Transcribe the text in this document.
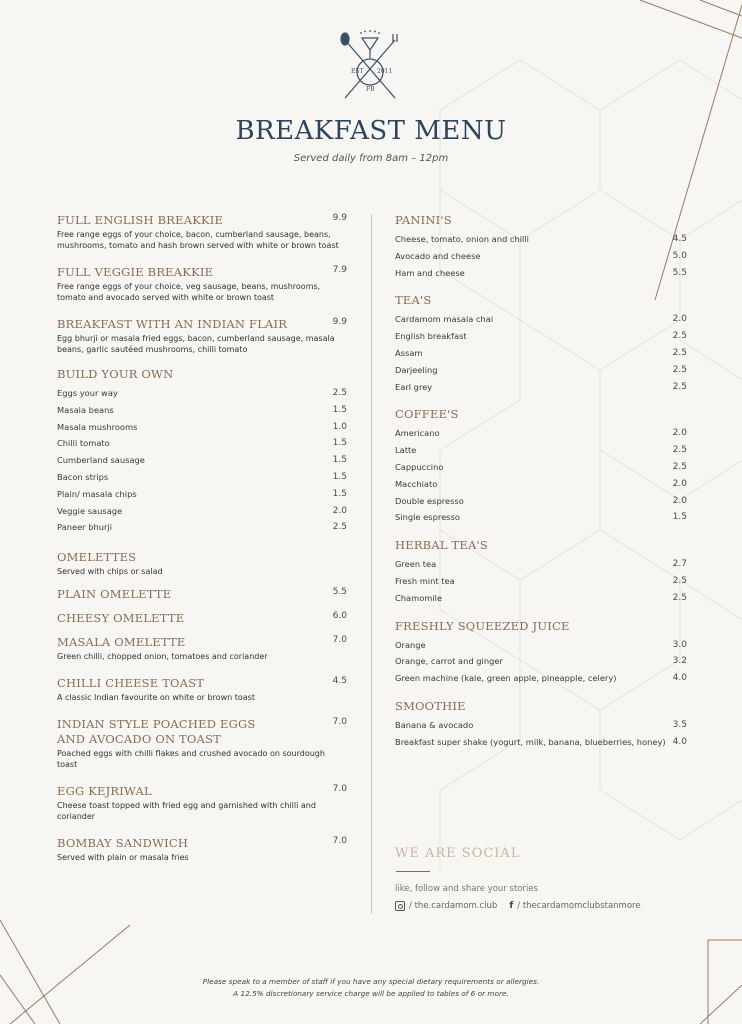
EST 2011
FB
BREAKFAST MENU
Served daily from 8am – 12pm
FULL ENGLISH BREAKKIE	9.9
Free range eggs of your choice, bacon, cumberland sausage, beans, mushrooms, tomato and hash brown served with white or brown toast
FULL VEGGIE BREAKKIE	7.9
Free range eggs of your choice, veg sausage, beans, mushrooms, tomato and avocado served with white or brown toast
BREAKFAST WITH AN INDIAN FLAIR	9.9
Egg bhurji or masala fried eggs, bacon, cumberland sausage, masala beans, garlic sautéed mushrooms, chilli tomato
BUILD YOUR OWN
Eggs your way	2.5
Masala beans	1.5
Masala mushrooms	1.0
Chilli tomato	1.5
Cumberland sausage	1.5
Bacon strips	1.5
Plain/ masala chips	1.5
Veggie sausage	2.0
Paneer bhurji	2.5
OMELETTES
Served with chips or salad
PLAIN OMELETTE	5.5
CHEESY OMELETTE	6.0
MASALA OMELETTE	7.0
Green chilli, chopped onion, tomatoes and coriander
CHILLI CHEESE TOAST	4.5
A classic Indian favourite on white or brown toast
INDIAN STYLE POACHED EGGS
AND AVOCADO ON TOAST
7.0
Poached eggs with chilli flakes and crushed avocado on sourdough toast
EGG KEJRIWAL	7.0
Cheese toast topped with fried egg and garnished with chilli and coriander
BOMBAY SANDWICH	7.0
Served with plain or masala fries
PANINI'S
Cheese, tomato, onion and chilli	4.5
Avocado and cheese	5.0
Ham and cheese	5.5
TEA'S
Cardamom masala chai	2.0
English breakfast	2.5
Assam	2.5
Darjeeling	2.5
Earl grey	2.5
COFFEE'S
Americano	2.0
Latte	2.5
Cappuccino	2.5
Macchiato	2.0
Double espresso	2.0
Single espresso	1.5
HERBAL TEA'S
Green tea	2.7
Fresh mint tea	2.5
Chamomile	2.5
FRESHLY SQUEEZED JUICE
Orange	3.0
Orange, carrot and ginger	3.2
Green machine (kale, green apple, pineapple, celery)	4.0
SMOOTHIE
Banana & avocado	3.5
Breakfast super shake (yogurt, milk, banana, blueberries, honey) 4.0
WE ARE SOCIAL
like, follow and share your stories
/ the.cardamom.club f / thecardamomclubstanmore
Please speak to a member of staff if you have any special dietary requirements or allergies.
A 12.5% discretionary service charge will be applied to tables of 6 or more.
